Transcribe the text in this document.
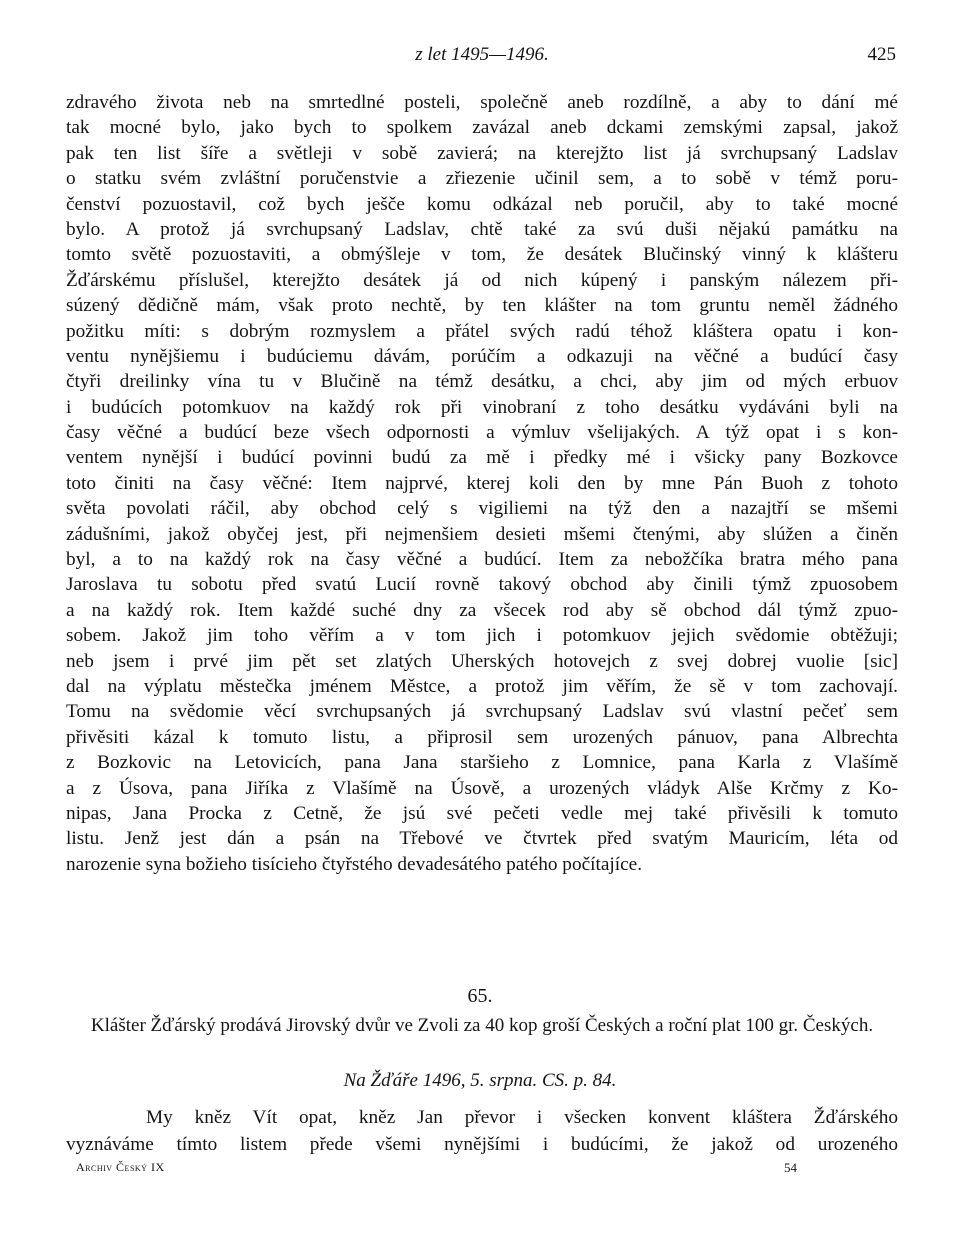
z let 1495—1496.	425
zdravého života neb na smrtedlné posteli, společně aneb rozdílně, a aby to dání mé
tak mocné bylo, jako bych to spolkem zavázal aneb dckami zemskými zapsal, jakož
pak ten list šíře a světleji v sobě zavierá; na kterejžto list já svrchupsaný Ladslav
o statku svém zvláštní poručenstvie a zřiezenie učinil sem, a to sobě v témž poru-
čenství pozuostavil, což bych ješče komu odkázal neb poručil, aby to také mocné
bylo. A protož já svrchupsaný Ladslav, chtě také za svú duši nějakú památku na
tomto světě pozuostaviti, a obmýšleje v tom, že desátek Blučinský vinný k klášteru
Žďárskému příslušel, kterejžto desátek já od nich kúpený i panským nálezem při-
súzený dědičně mám, však proto nechtě, by ten klášter na tom gruntu neměl žádného
požitku míti: s dobrým rozmyslem a přátel svých radú téhož kláštera opatu i kon-
ventu nynějšiemu i budúciemu dávám, porúčím a odkazuji na věčné a budúcí časy
čtyři dreilinky vína tu v Blučině na témž desátku, a chci, aby jim od mých erbuov
i budúcích potomkuov na každý rok při vinobraní z toho desátku vydáváni byli na
časy věčné a budúcí beze všech odpornosti a výmluv všelijakých. A týž opat i s kon-
ventem nynější i budúcí povinni budú za mě i předky mé i všicky pany Bozkovce
toto činiti na časy věčné: Item najprvé, kterej koli den by mne Pán Buoh z tohoto
světa povolati ráčil, aby obchod celý s vigiliemi na týž den a nazajtří se mšemi
zádušními, jakož obyčej jest, při nejmenšiem desieti mšemi čtenými, aby slúžen a činěn
byl, a to na každý rok na časy věčné a budúcí. Item za nebožčíka bratra mého pana
Jaroslava tu sobotu před svatú Lucií rovně takový obchod aby činili týmž zpuosobem
a na každý rok. Item každé suché dny za všecek rod aby sě obchod dál týmž zpuo-
sobem. Jakož jim toho věřím a v tom jich i potomkuov jejich svědomie obtěžuji;
neb jsem i prvé jim pět set zlatých Uherských hotovejch z svej dobrej vuolie [sic]
dal na výplatu městečka jménem Městce, a protož jim věřím, že sě v tom zachovají.
Tomu na svědomie věcí svrchupsaných já svrchupsaný Ladslav svú vlastní pečeť sem
přivěsiti kázal k tomuto listu, a připrosil sem urozených pánuov, pana Albrechta
z Bozkovic na Letovicích, pana Jana staršieho z Lomnice, pana Karla z Vlašímě
a z Úsova, pana Jiříka z Vlašímě na Úsově, a urozených vládyk Alše Krčmy z Ko-
nipas, Jana Procka z Cetně, že jsú své pečeti vedle mej také přivěsili k tomuto
listu. Jenž jest dán a psán na Třebové ve čtvrtek před svatým Mauricím, léta od
narozenie syna božieho tisícieho čtyřstého devadesátého patého počítajíce.
65.
Klášter Žďárský prodává Jirovský dvůr ve Zvoli za 40 kop groší Českých a roční plat 100 gr. Českých.
Na Žďáře 1496, 5. srpna. CS. p. 84.
My kněz Vít opat, kněz Jan převor i všecken konvent kláštera Žďárského
vyznáváme tímto listem přede všemi nynějšími i budúcími, že jakož od urozeného
Archiv Český IX	54
